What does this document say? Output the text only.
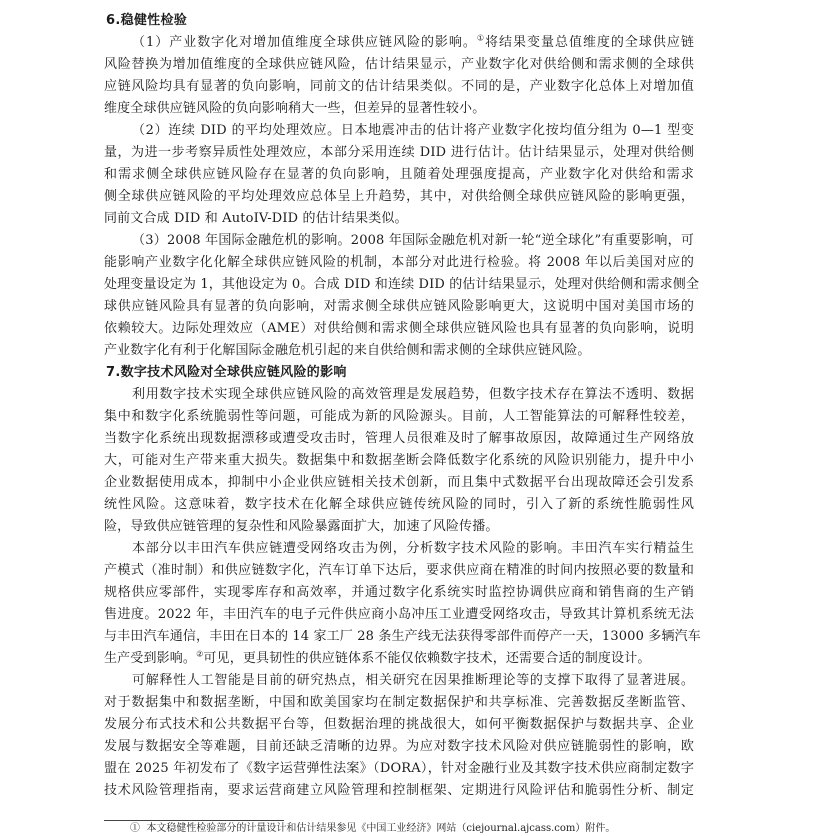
6.稳健性检验
（1）产业数字化对增加值维度全球供应链风险的影响。①将结果变量总值维度的全球供应链
风险替换为增加值维度的全球供应链风险，估计结果显示，产业数字化对供给侧和需求侧的全球供
应链风险均具有显著的负向影响，同前文的估计结果类似。不同的是，产业数字化总体上对增加值
维度全球供应链风险的负向影响稍大一些，但差异的显著性较小。
（2）连续 DID 的平均处理效应。日本地震冲击的估计将产业数字化按均值分组为 0—1 型变
量，为进一步考察异质性处理效应，本部分采用连续 DID 进行估计。估计结果显示，处理对供给侧
和需求侧全球供应链风险存在显著的负向影响，且随着处理强度提高，产业数字化对供给和需求
侧全球供应链风险的平均处理效应总体呈上升趋势，其中，对供给侧全球供应链风险的影响更强，
同前文合成 DID 和 AutoIV-DID 的估计结果类似。
（3）2008 年国际金融危机的影响。2008 年国际金融危机对新一轮“逆全球化”有重要影响，可
能影响产业数字化化解全球供应链风险的机制，本部分对此进行检验。将 2008 年以后美国对应的
处理变量设定为 1，其他设定为 0。合成 DID 和连续 DID 的估计结果显示，处理对供给侧和需求侧全
球供应链风险具有显著的负向影响，对需求侧全球供应链风险影响更大，这说明中国对美国市场的
依赖较大。边际处理效应（AME）对供给侧和需求侧全球供应链风险也具有显著的负向影响，说明
产业数字化有利于化解国际金融危机引起的来自供给侧和需求侧的全球供应链风险。
7.数字技术风险对全球供应链风险的影响
利用数字技术实现全球供应链风险的高效管理是发展趋势，但数字技术存在算法不透明、数据
集中和数字化系统脆弱性等问题，可能成为新的风险源头。目前，人工智能算法的可解释性较差，
当数字化系统出现数据漂移或遭受攻击时，管理人员很难及时了解事故原因，故障通过生产网络放
大，可能对生产带来重大损失。数据集中和数据垄断会降低数字化系统的风险识别能力，提升中小
企业数据使用成本，抑制中小企业供应链相关技术创新，而且集中式数据平台出现故障还会引发系
统性风险。这意味着，数字技术在化解全球供应链传统风险的同时，引入了新的系统性脆弱性风
险，导致供应链管理的复杂性和风险暴露面扩大，加速了风险传播。
本部分以丰田汽车供应链遭受网络攻击为例，分析数字技术风险的影响。丰田汽车实行精益生
产模式（准时制）和供应链数字化，汽车订单下达后，要求供应商在精准的时间内按照必要的数量和
规格供应零部件，实现零库存和高效率，并通过数字化系统实时监控协调供应商和销售商的生产销
售进度。2022 年，丰田汽车的电子元件供应商小岛冲压工业遭受网络攻击，导致其计算机系统无法
与丰田汽车通信，丰田在日本的 14 家工厂 28 条生产线无法获得零部件而停产一天，13000 多辆汽车
生产受到影响。②可见，更具韧性的供应链体系不能仅依赖数字技术，还需要合适的制度设计。
可解释性人工智能是目前的研究热点，相关研究在因果推断理论等的支撑下取得了显著进展。
对于数据集中和数据垄断，中国和欧美国家均在制定数据保护和共享标准、完善数据反垄断监管、
发展分布式技术和公共数据平台等，但数据治理的挑战很大，如何平衡数据保护与数据共享、企业
发展与数据安全等难题，目前还缺乏清晰的边界。为应对数字技术风险对供应链脆弱性的影响，欧
盟在 2025 年初发布了《数字运营弹性法案》（DORA），针对金融行业及其数字技术供应商制定数字
技术风险管理指南，要求运营商建立风险管理和控制框架、定期进行风险评估和脆弱性分析、制定
① 本文稳健性检验部分的计量设计和估计结果参见《中国工业经济》网站（ciejournal.ajcass.com）附件。
